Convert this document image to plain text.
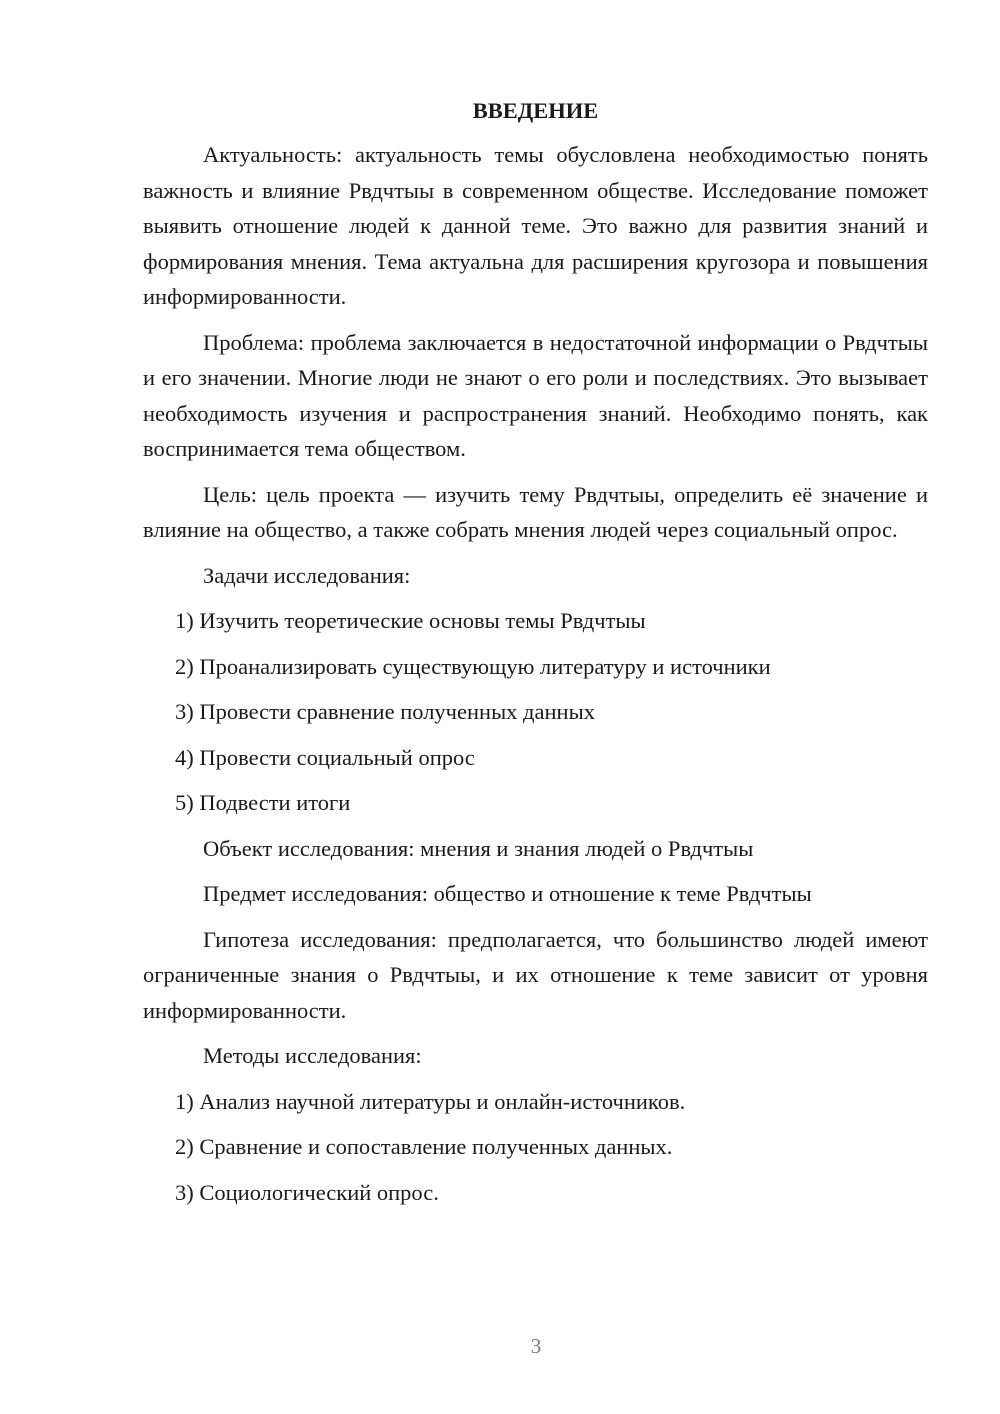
ВВЕДЕНИЕ
Актуальность: актуальность темы обусловлена необходимостью понять важность и влияние Рвдчтыы в современном обществе. Исследование поможет выявить отношение людей к данной теме. Это важно для развития знаний и формирования мнения. Тема актуальна для расширения кругозора и повышения информированности.
Проблема: проблема заключается в недостаточной информации о Рвдчтыы и его значении. Многие люди не знают о его роли и последствиях. Это вызывает необходимость изучения и распространения знаний. Необходимо понять, как воспринимается тема обществом.
Цель: цель проекта — изучить тему Рвдчтыы, определить её значение и влияние на общество, а также собрать мнения людей через социальный опрос.
Задачи исследования:
1) Изучить теоретические основы темы Рвдчтыы
2) Проанализировать существующую литературу и источники
3) Провести сравнение полученных данных
4) Провести социальный опрос
5) Подвести итоги
Объект исследования: мнения и знания людей о Рвдчтыы
Предмет исследования: общество и отношение к теме Рвдчтыы
Гипотеза исследования: предполагается, что большинство людей имеют ограниченные знания о Рвдчтыы, и их отношение к теме зависит от уровня информированности.
Методы исследования:
1) Анализ научной литературы и онлайн-источников.
2) Сравнение и сопоставление полученных данных.
3) Социологический опрос.
3
